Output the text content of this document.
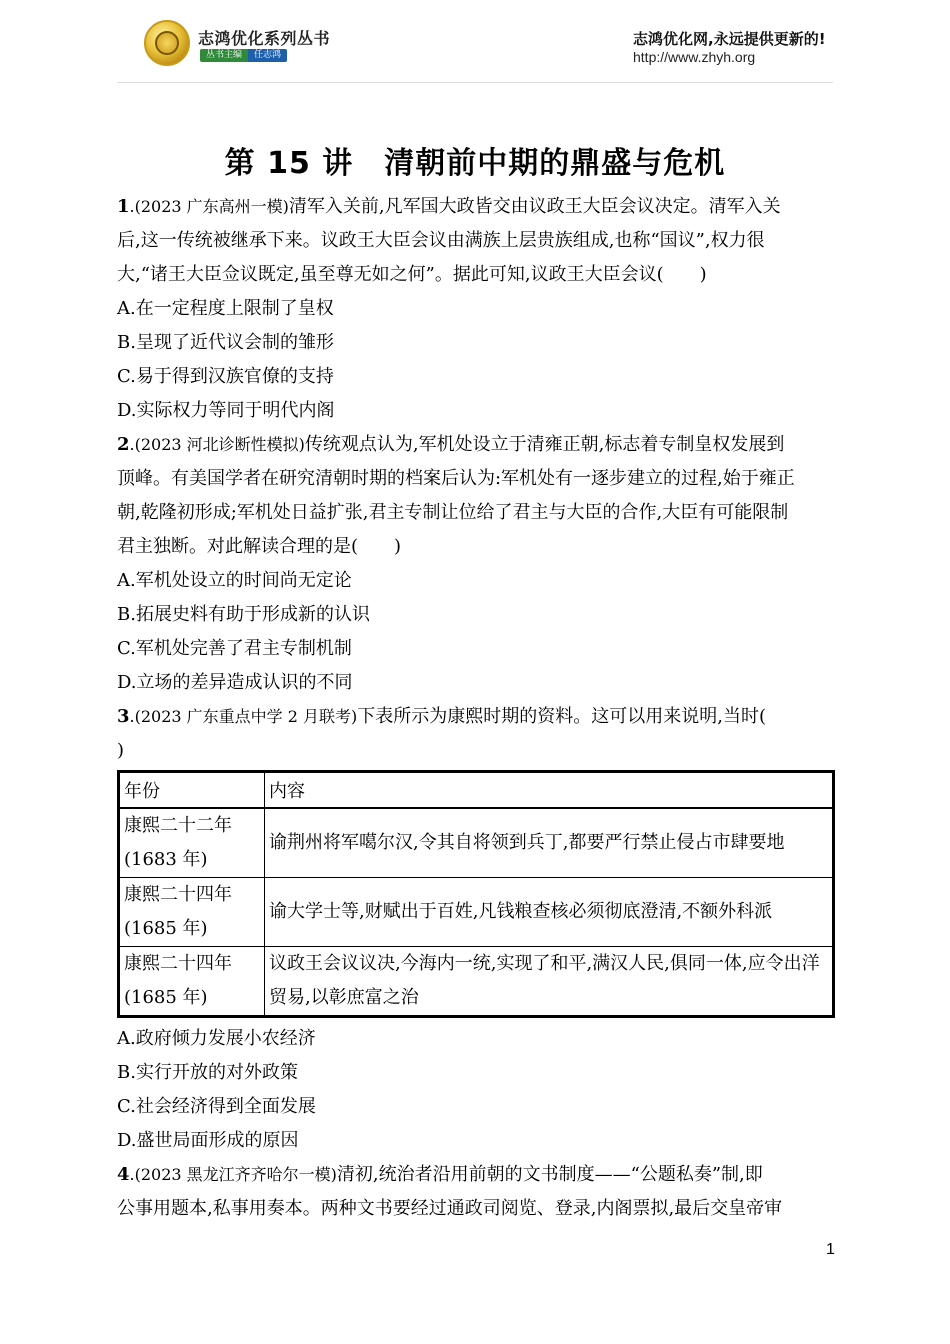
志鸿优化系列丛书
丛书主编	任志鸿
志鸿优化网,永远提供更新的!
http://www.zhyh.org
第 15 讲　清朝前中期的鼎盛与危机
1.(2023 广东高州一模)清军入关前,凡军国大政皆交由议政王大臣会议决定。清军入关
后,这一传统被继承下来。议政王大臣会议由满族上层贵族组成,也称“国议”,权力很
大,“诸王大臣佥议既定,虽至尊无如之何”。据此可知,议政王大臣会议(　　)
A.在一定程度上限制了皇权
B.呈现了近代议会制的雏形
C.易于得到汉族官僚的支持
D.实际权力等同于明代内阁
2.(2023 河北诊断性模拟)传统观点认为,军机处设立于清雍正朝,标志着专制皇权发展到
顶峰。有美国学者在研究清朝时期的档案后认为:军机处有一逐步建立的过程,始于雍正
朝,乾隆初形成;军机处日益扩张,君主专制让位给了君主与大臣的合作,大臣有可能限制
君主独断。对此解读合理的是(　　)
A.军机处设立的时间尚无定论
B.拓展史料有助于形成新的认识
C.军机处完善了君主专制机制
D.立场的差异造成认识的不同
3.(2023 广东重点中学 2 月联考)下表所示为康熙时期的资料。这可以用来说明,当时(
)
年份	内容

康熙二十二年
(1683 年)	谕荆州将军噶尔汉,令其自将领到兵丁,都要严行禁止侵占市肆要地

康熙二十四年
(1685 年)	谕大学士等,财赋出于百姓,凡钱粮查核必须彻底澄清,不额外科派

康熙二十四年
(1685 年)	议政王会议议决,今海内一统,实现了和平,满汉人民,俱同一体,应令出洋贸易,以彰庶富之治
A.政府倾力发展小农经济
B.实行开放的对外政策
C.社会经济得到全面发展
D.盛世局面形成的原因
4.(2023 黑龙江齐齐哈尔一模)清初,统治者沿用前朝的文书制度——“公题私奏”制,即
公事用题本,私事用奏本。两种文书要经过通政司阅览、登录,内阁票拟,最后交皇帝审
1
